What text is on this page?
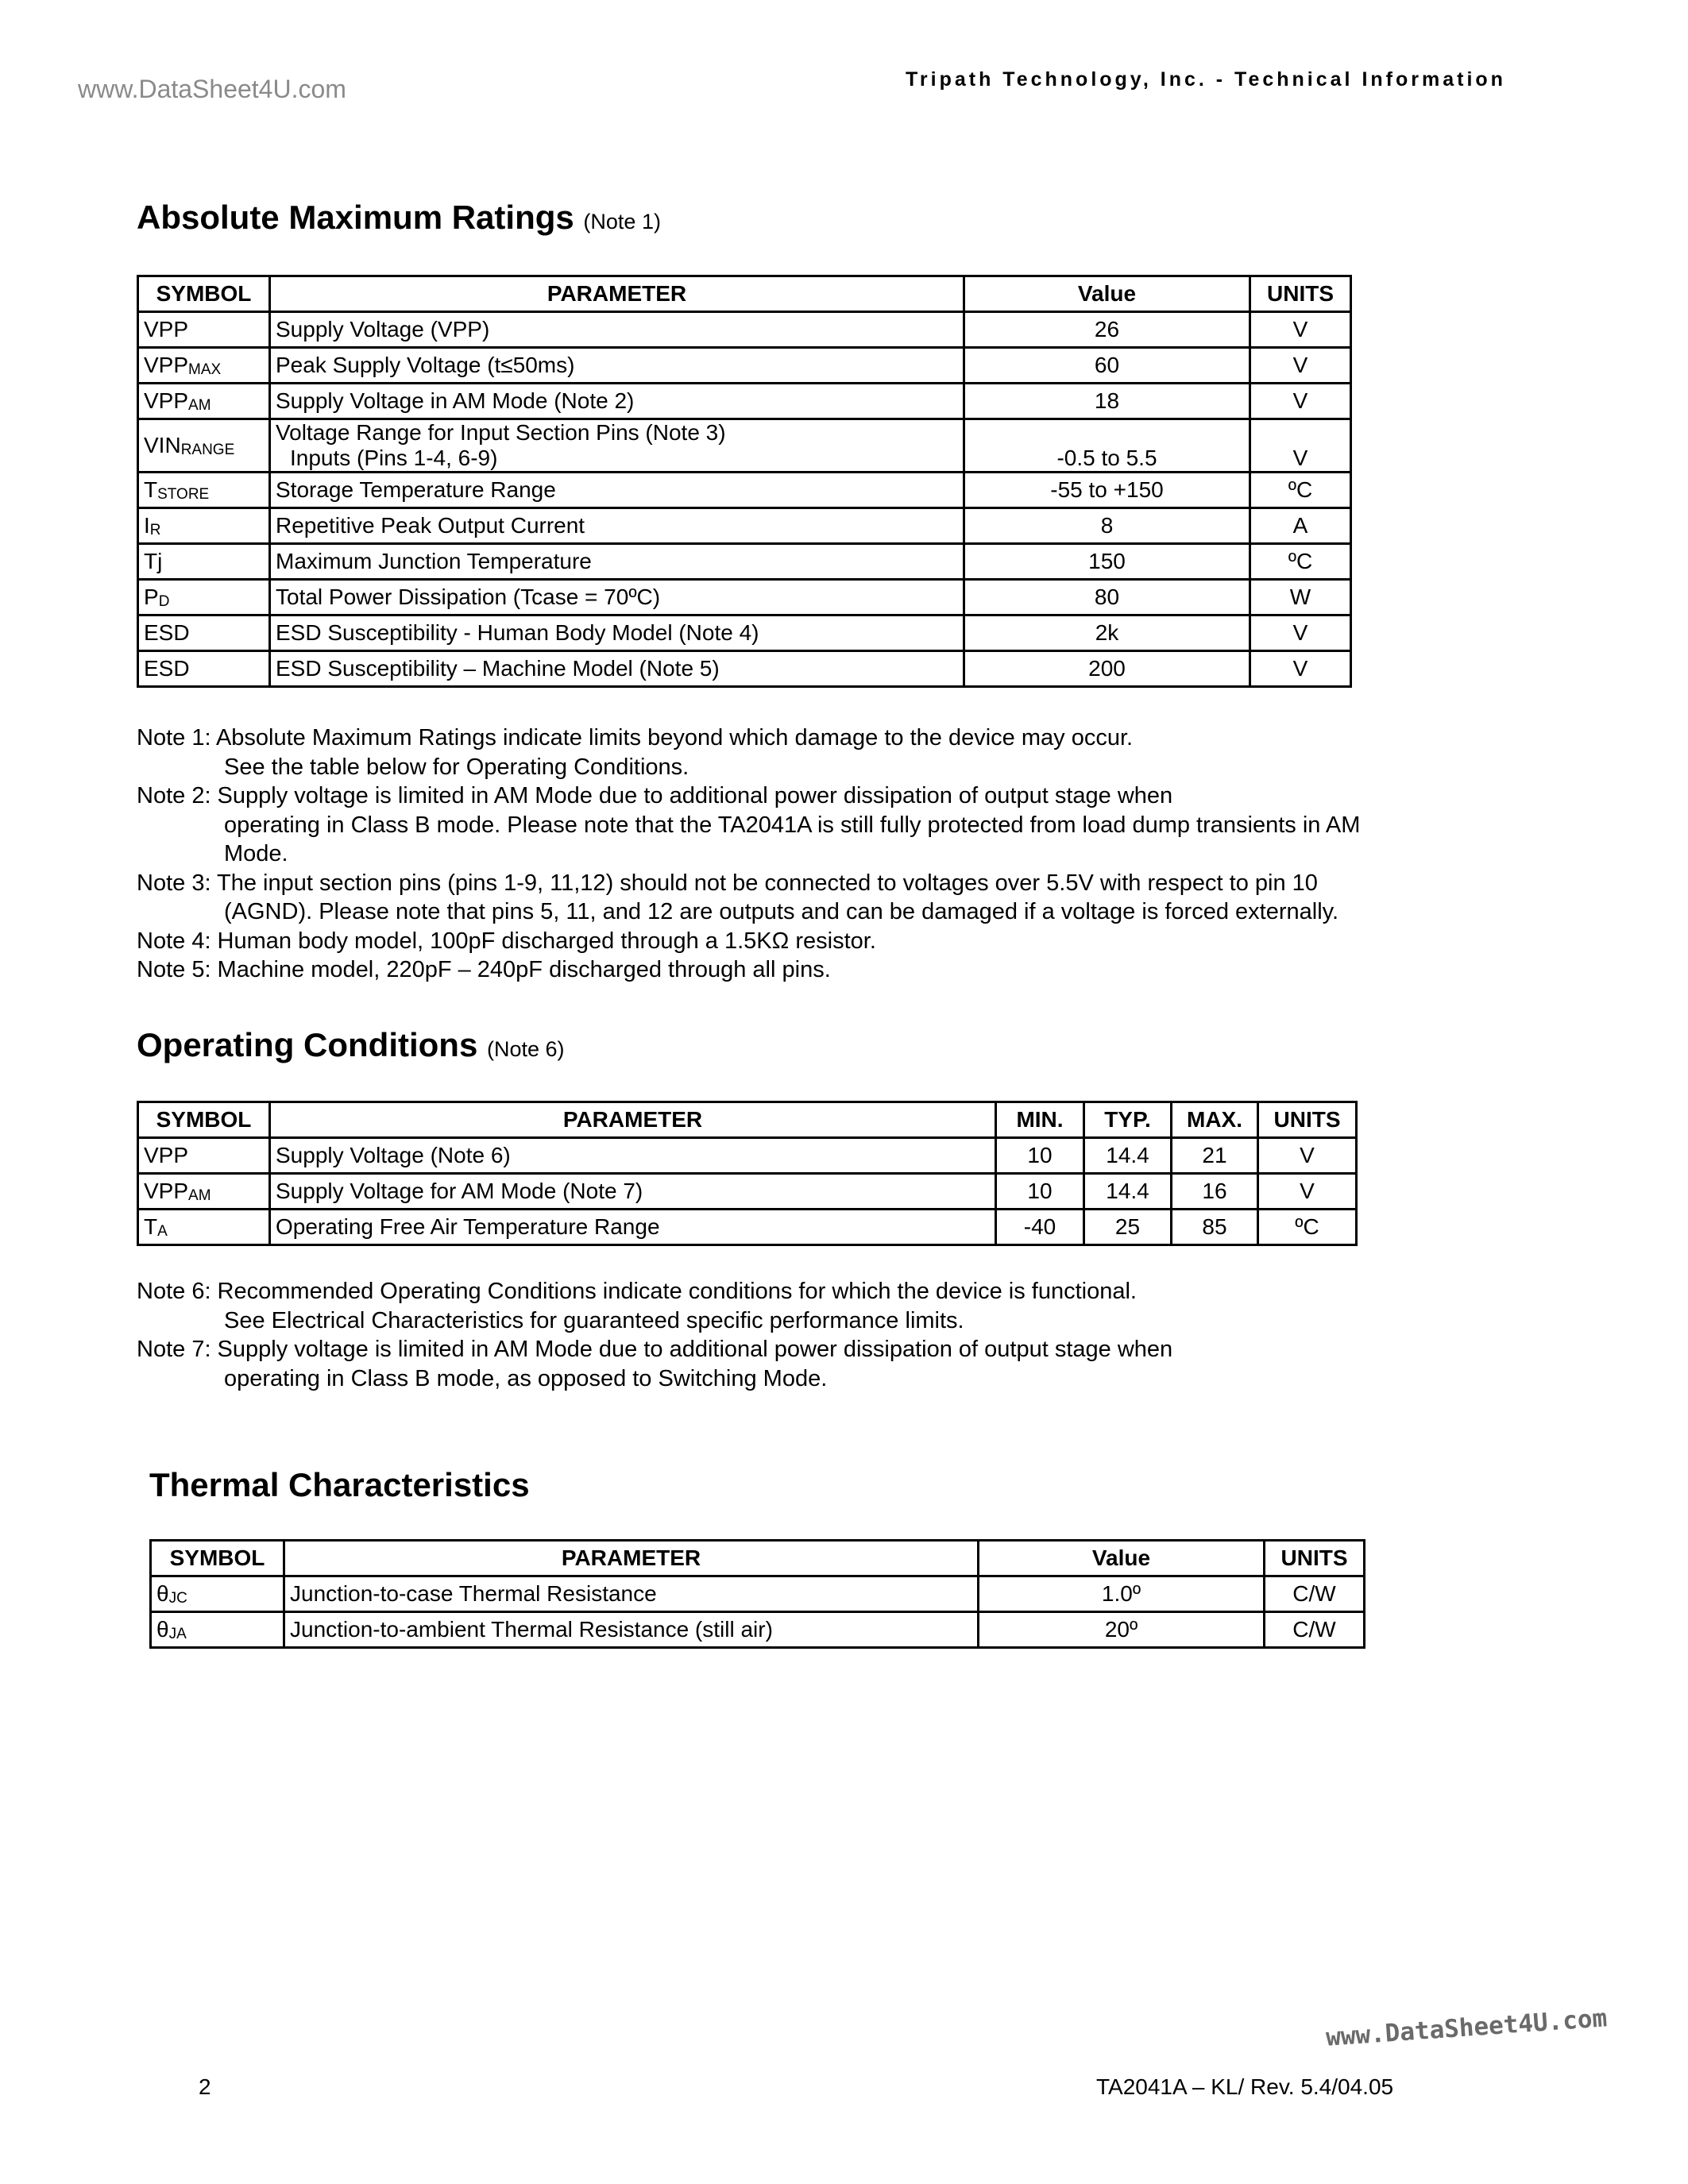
www.DataSheet4U.com	Tripath Technology, Inc. - Technical Information
Absolute Maximum Ratings (Note 1)
SYMBOL	PARAMETER	Value	UNITS
VPP	Supply Voltage (VPP)	26	V
$VPP_{MAX}$	Peak Supply Voltage (t≤50ms)	60	V
$VPP_{AM}$	Supply Voltage in AM Mode (Note 2)	18	V
$VIN_{RANGE}$	Voltage Range for Input Section Pins (Note 3)
Inputs (Pins 1-4, 6-9)	-0.5 to 5.5	V
$T_{STORE}$	Storage Temperature Range	-55 to +150	ºC
$I_R$	Repetitive Peak Output Current	8	A
Tj	Maximum Junction Temperature	150	ºC
$P_D$	Total Power Dissipation (Tcase = 70ºC)	80	W
ESD	ESD Susceptibility - Human Body Model (Note 4)	2k	V
ESD	ESD Susceptibility – Machine Model (Note 5)	200	V
Note 1: Absolute Maximum Ratings indicate limits beyond which damage to the device may occur.
See the table below for Operating Conditions.
Note 2: Supply voltage is limited in AM Mode due to additional power dissipation of output stage when
operating in Class B mode. Please note that the TA2041A is still fully protected from load dump transients in AM
Mode.
Note 3: The input section pins (pins 1-9, 11,12) should not be connected to voltages over 5.5V with respect to pin 10
(AGND). Please note that pins 5, 11, and 12 are outputs and can be damaged if a voltage is forced externally.
Note 4: Human body model, 100pF discharged through a 1.5KΩ resistor.
Note 5: Machine model, 220pF – 240pF discharged through all pins.
Operating Conditions (Note 6)
SYMBOL	PARAMETER	MIN.	TYP.	MAX.	UNITS
VPP	Supply Voltage (Note 6)	10	14.4	21	V
$VPP_{AM}$	Supply Voltage for AM Mode (Note 7)	10	14.4	16	V
$T_A$	Operating Free Air Temperature Range	-40	25	85	ºC
Note 6: Recommended Operating Conditions indicate conditions for which the device is functional.
See Electrical Characteristics for guaranteed specific performance limits.
Note 7: Supply voltage is limited in AM Mode due to additional power dissipation of output stage when
operating in Class B mode, as opposed to Switching Mode.
Thermal Characteristics
SYMBOL	PARAMETER	Value	UNITS
$\theta_{JC}$	Junction-to-case Thermal Resistance	1.0º	C/W
$\theta_{JA}$	Junction-to-ambient Thermal Resistance (still air)	20º	C/W
www.DataSheet4U.com
2	TA2041A – KL/ Rev. 5.4/04.05
